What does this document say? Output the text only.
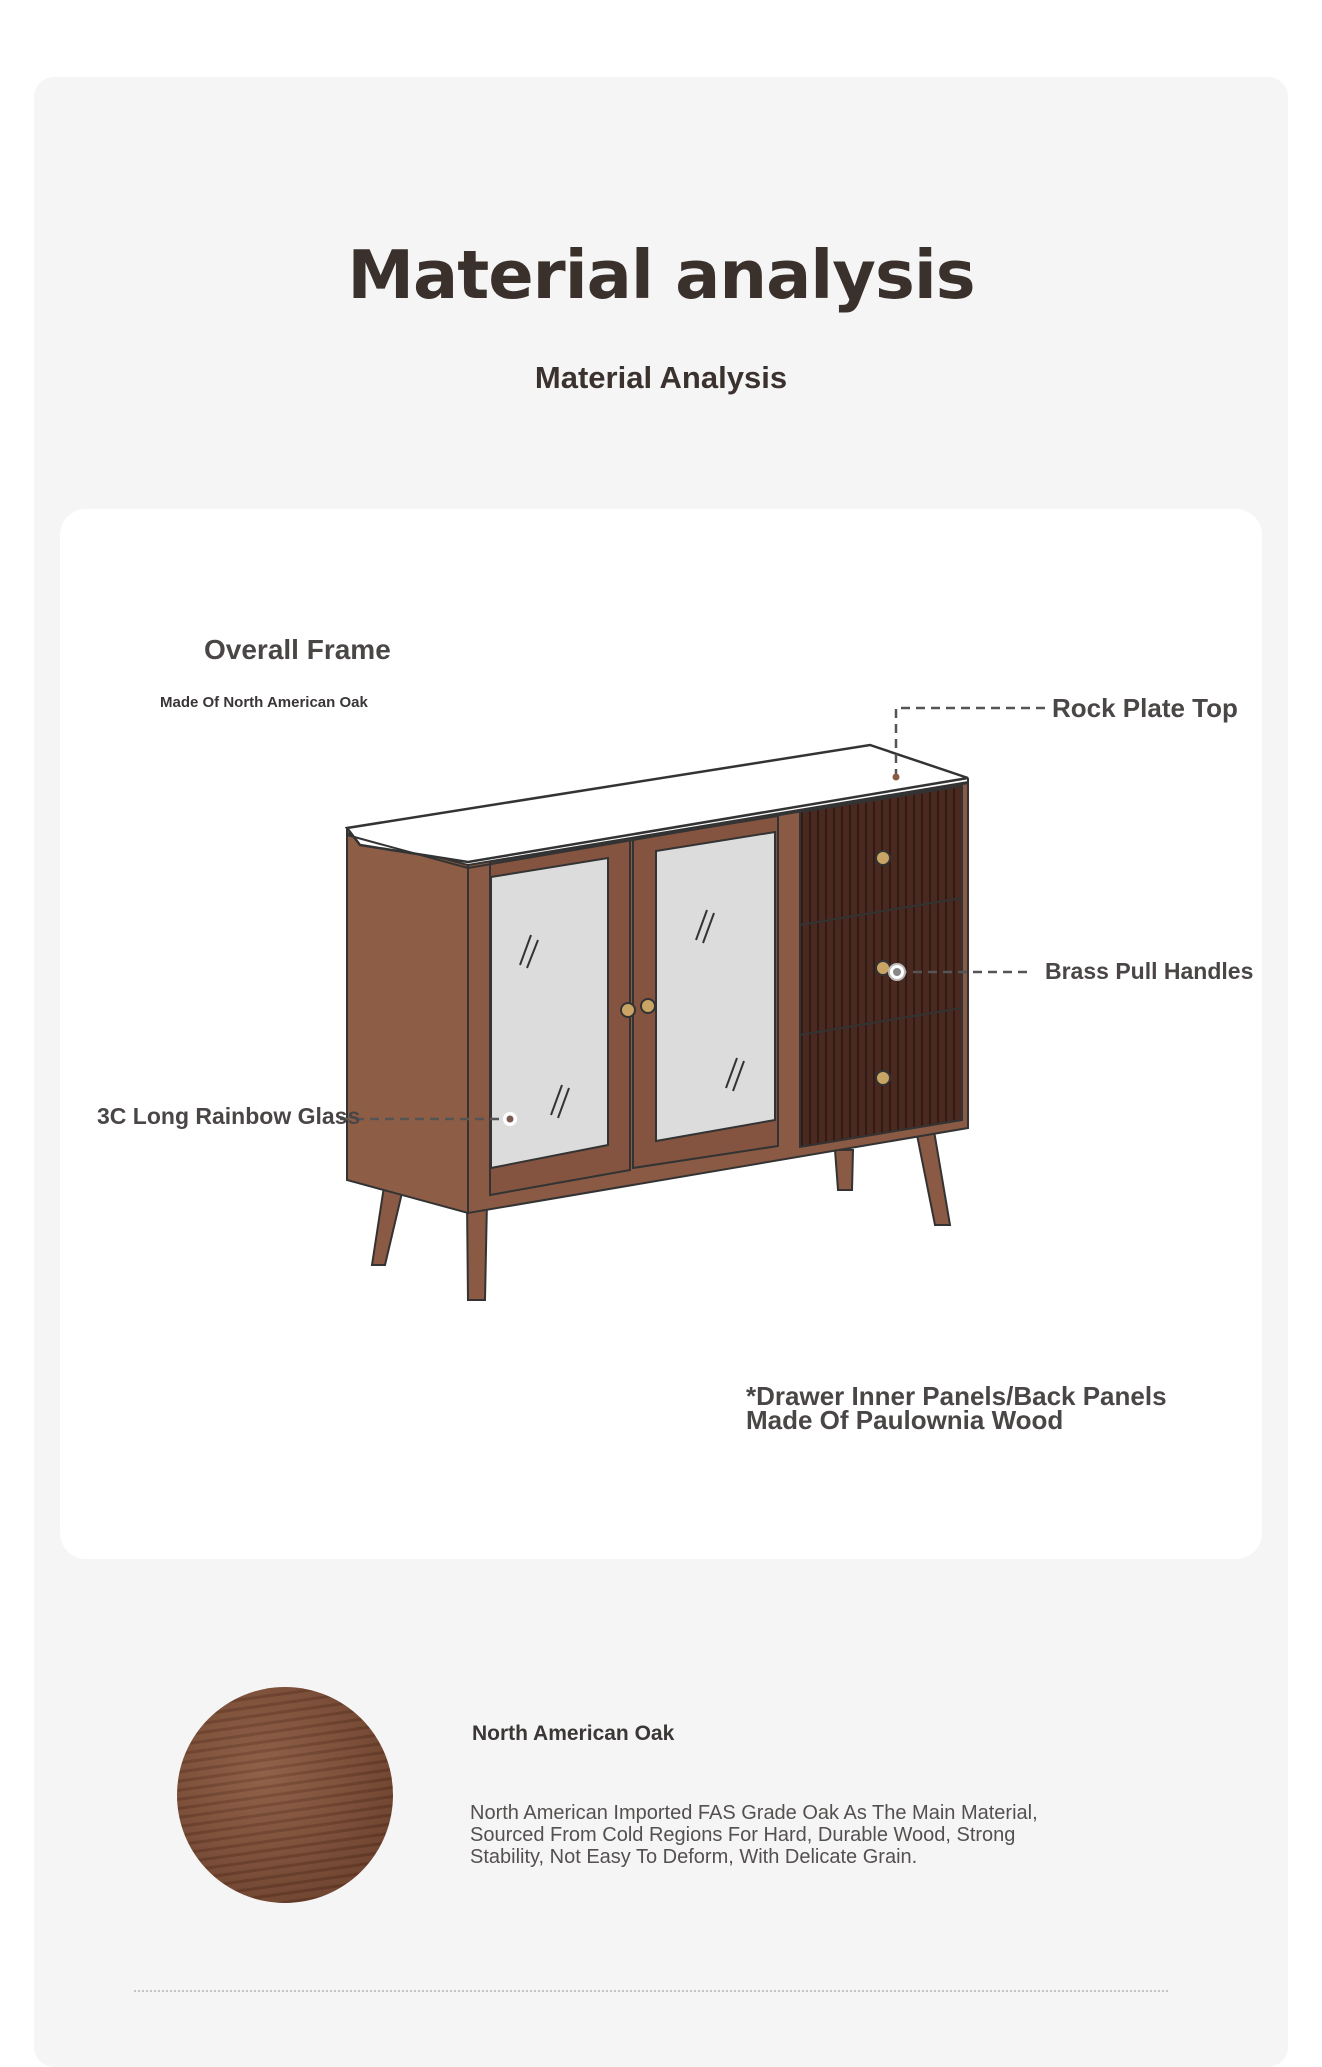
Material analysis
Material Analysis
Overall Frame
Made Of North American Oak	Rock Plate Top
Brass Pull Handles
3C Long Rainbow Glass
*Drawer Inner Panels/Back Panels Made Of Paulownia Wood
North American Oak

North American Imported FAS Grade Oak As The Main Material, Sourced From Cold Regions For Hard, Durable Wood, Strong Stability, Not Easy To Deform, With Delicate Grain.
